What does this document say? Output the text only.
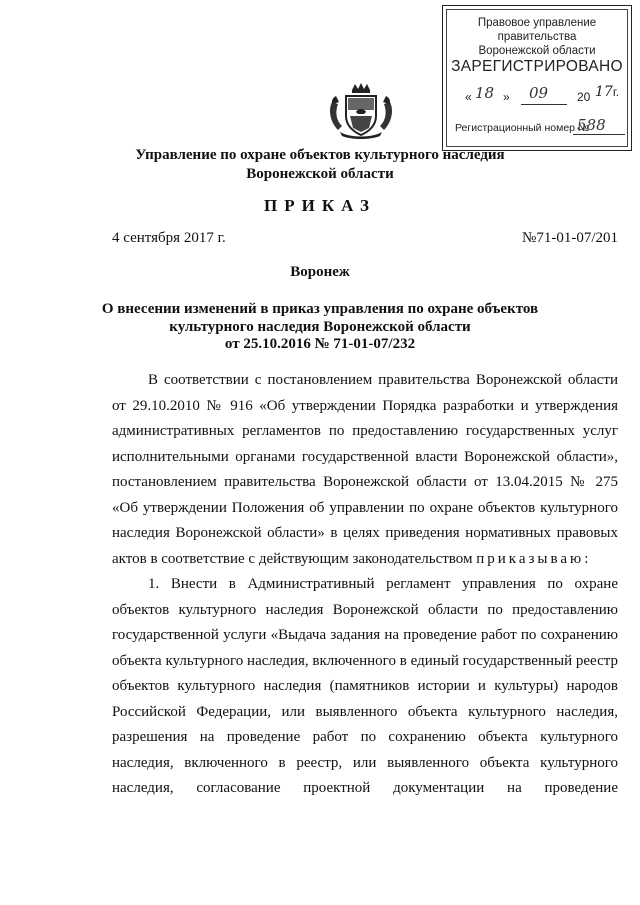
Правовое управление правительства
Воронежской области
ЗАРЕГИСТРИРОВАНО
« 18 » 09 20 17г.
Регистрационный номер №
588
Управление по охране объектов культурного наследия
Воронежской области
ПРИКАЗ
4 сентября 2017 г.	№71-01-07/201
Воронеж
О внесении изменений в приказ управления по охране объектов
культурного наследия Воронежской области
от 25.10.2016 № 71-01-07/232

В соответствии с постановлением правительства Воронежской области от 29.10.2010 № 916 «Об утверждении Порядка разработки и утверждения административных регламентов по предоставлению государственных услуг исполнительными органами государственной власти Воронежской области», постановлением правительства Воронежской области от 13.04.2015 № 275 «Об утверждении Положения об управлении по охране объектов культурного наследия Воронежской области» в целях приведения нормативных правовых актов в соответствие с действующим законодательством приказываю:

1. Внести в Административный регламент управления по охране объектов культурного наследия Воронежской области по предоставлению государственной услуги «Выдача задания на проведение работ по сохранению объекта культурного наследия, включенного в единый государственный реестр объектов культурного наследия (памятников истории и культуры) народов Российской Федерации, или выявленного объекта культурного наследия, разрешения на проведение работ по сохранению объекта культурного наследия, включенного в реестр, или выявленного объекта культурного наследия, согласование проектной документации на проведение
